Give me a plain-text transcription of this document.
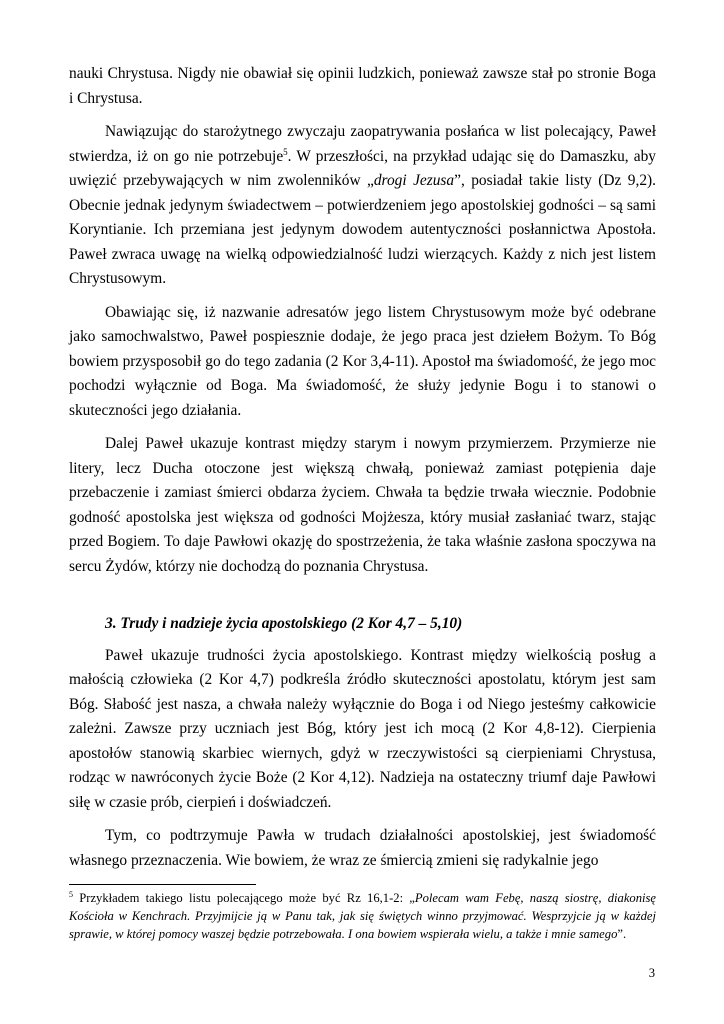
nauki Chrystusa. Nigdy nie obawiał się opinii ludzkich, ponieważ zawsze stał po stronie Boga i Chrystusa.

Nawiązując do starożytnego zwyczaju zaopatrywania posłańca w list polecający, Paweł stwierdza, iż on go nie potrzebuje$^5$. W przeszłości, na przykład udając się do Damaszku, aby uwięzić przebywających w nim zwolenników „drogi Jezusa”, posiadał takie listy (Dz 9,2). Obecnie jednak jedynym świadectwem – potwierdzeniem jego apostolskiej godności – są sami Koryntianie. Ich przemiana jest jedynym dowodem autentyczności posłannictwa Apostoła. Paweł zwraca uwagę na wielką odpowiedzialność ludzi wierzących. Każdy z nich jest listem Chrystusowym.

Obawiając się, iż nazwanie adresatów jego listem Chrystusowym może być odebrane jako samochwalstwo, Paweł pospiesznie dodaje, że jego praca jest dziełem Bożym. To Bóg bowiem przysposobił go do tego zadania (2 Kor 3,4-11). Apostoł ma świadomość, że jego moc pochodzi wyłącznie od Boga. Ma świadomość, że służy jedynie Bogu i to stanowi o skuteczności jego działania.

Dalej Paweł ukazuje kontrast między starym i nowym przymierzem. Przymierze nie litery, lecz Ducha otoczone jest większą chwałą, ponieważ zamiast potępienia daje przebaczenie i zamiast śmierci obdarza życiem. Chwała ta będzie trwała wiecznie. Podobnie godność apostolska jest większa od godności Mojżesza, który musiał zasłaniać twarz, stając przed Bogiem. To daje Pawłowi okazję do spostrzeżenia, że taka właśnie zasłona spoczywa na sercu Żydów, którzy nie dochodzą do poznania Chrystusa.

3. Trudy i nadzieje życia apostolskiego (2 Kor 4,7 – 5,10)

Paweł ukazuje trudności życia apostolskiego. Kontrast między wielkością posług a małością człowieka (2 Kor 4,7) podkreśla źródło skuteczności apostolatu, którym jest sam Bóg. Słabość jest nasza, a chwała należy wyłącznie do Boga i od Niego jesteśmy całkowicie zależni. Zawsze przy uczniach jest Bóg, który jest ich mocą (2 Kor 4,8-12). Cierpienia apostołów stanowią skarbiec wiernych, gdyż w rzeczywistości są cierpieniami Chrystusa, rodząc w nawróconych życie Boże (2 Kor 4,12). Nadzieja na ostateczny triumf daje Pawłowi siłę w czasie prób, cierpień i doświadczeń.

Tym, co podtrzymuje Pawła w trudach działalności apostolskiej, jest świadomość własnego przeznaczenia. Wie bowiem, że wraz ze śmiercią zmieni się radykalnie jego

$^5$ Przykładem takiego listu polecającego może być Rz 16,1-2: „Polecam wam Febę, naszą siostrę, diakonisę Kościoła w Kenchrach. Przyjmijcie ją w Panu tak, jak się świętych winno przyjmować. Wesprzyjcie ją w każdej sprawie, w której pomocy waszej będzie potrzebowała. I ona bowiem wspierała wielu, a także i mnie samego”.

3
